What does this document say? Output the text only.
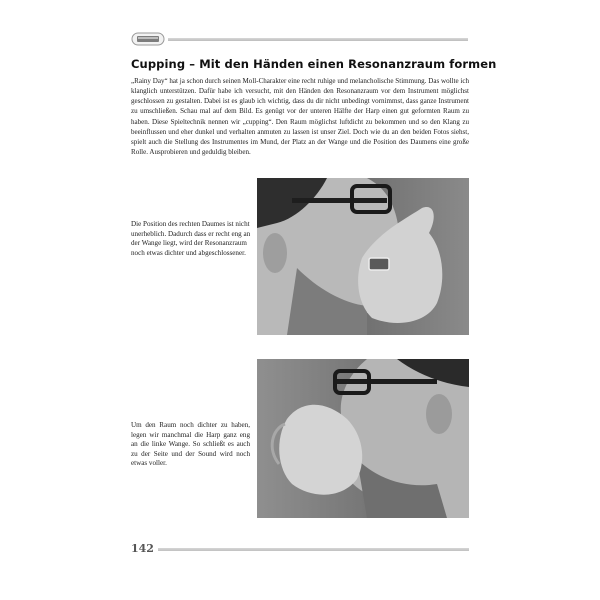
Cupping – Mit den Händen einen Resonanzraum formen
„Rainy Day“ hat ja schon durch seinen Moll-Charakter eine recht ruhige und melancholische Stimmung. Das wollte ich klanglich unterstützen. Dafür habe ich versucht, mit den Händen den Resonanzraum vor dem Instrument möglichst geschlossen zu gestalten. Dabei ist es glaub ich wichtig, dass du dir nicht unbedingt vornimmst, dass ganze Instrument zu umschließen. Schau mal auf dem Bild. Es genügt vor der unteren Hälfte der Harp einen gut geformten Raum zu haben. Diese Spieltechnik nennen wir „cupping“. Den Raum möglichst luftdicht zu bekommen und so den Klang zu beeinflussen und eher dunkel und verhalten anmuten zu lassen ist unser Ziel. Doch wie du an den beiden Fotos siehst, spielt auch die Stellung des Instrumentes im Mund, der Platz an der Wange und die Position des Daumens eine große Rolle. Ausprobieren und geduldig bleiben.
Die Position des rechten Daumes ist nicht unerheblich. Dadurch dass er recht eng an der Wange liegt, wird der Resonanzraum noch etwas dichter und abgeschlossener.
Um den Raum noch dichter zu haben, legen wir manchmal die Harp ganz eng an die linke Wange. So schließt es auch zu der Seite und der Sound wird noch etwas voller.
142
